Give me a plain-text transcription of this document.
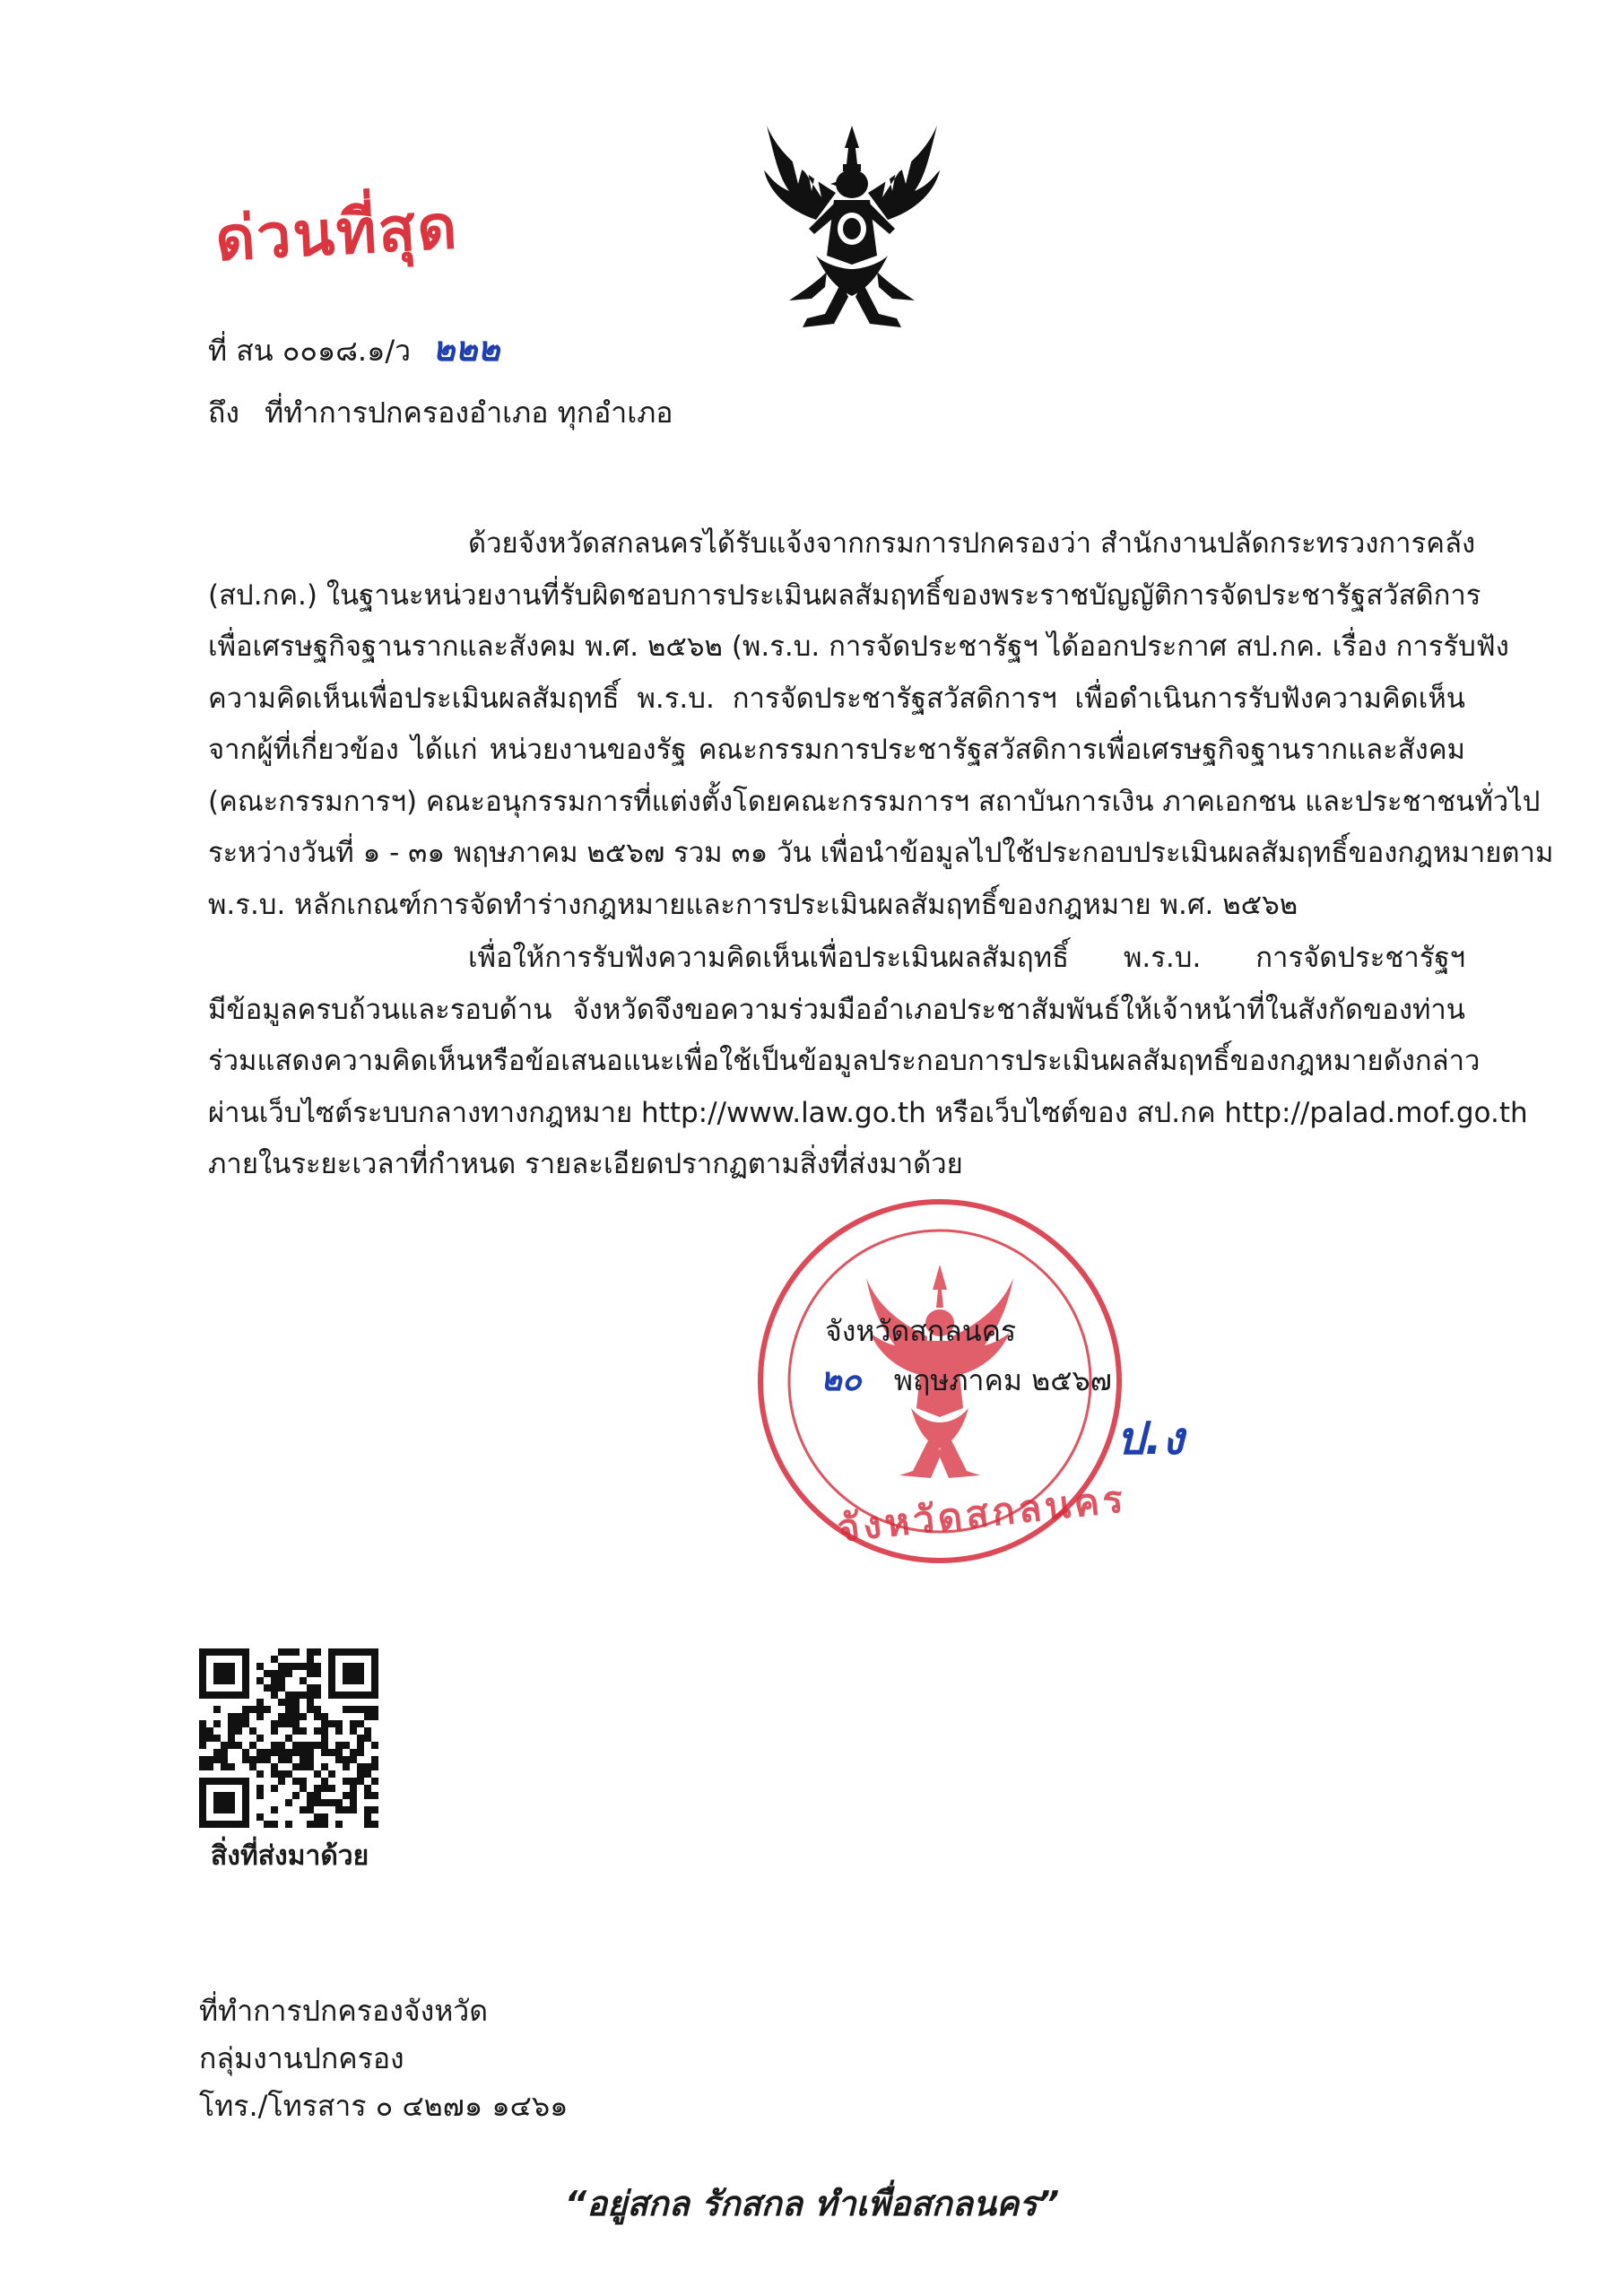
ด่วนที่สุด
ที่ สน ๐๐๑๘.๑/ว ๒๒๒
ถึง ที่ทำการปกครองอำเภอ ทุกอำเภอ
ด้วยจังหวัดสกลนครได้รับแจ้งจากกรมการปกครองว่า สำนักงานปลัดกระทรวงการคลัง
(สป.กค.) ในฐานะหน่วยงานที่รับผิดชอบการประเมินผลสัมฤทธิ์ของพระราชบัญญัติการจัดประชารัฐสวัสดิการ
เพื่อเศรษฐกิจฐานรากและสังคม พ.ศ. ๒๕๖๒ (พ.ร.บ. การจัดประชารัฐฯ ได้ออกประกาศ สป.กค. เรื่อง การรับฟัง
ความคิดเห็นเพื่อประเมินผลสัมฤทธิ์ พ.ร.บ. การจัดประชารัฐสวัสดิการฯ เพื่อดำเนินการรับฟังความคิดเห็น
จากผู้ที่เกี่ยวข้อง ได้แก่ หน่วยงานของรัฐ คณะกรรมการประชารัฐสวัสดิการเพื่อเศรษฐกิจฐานรากและสังคม
(คณะกรรมการฯ) คณะอนุกรรมการที่แต่งตั้งโดยคณะกรรมการฯ สถาบันการเงิน ภาคเอกชน และประชาชนทั่วไป
ระหว่างวันที่ ๑ - ๓๑ พฤษภาคม ๒๕๖๗ รวม ๓๑ วัน เพื่อนำข้อมูลไปใช้ประกอบประเมินผลสัมฤทธิ์ของกฎหมายตาม
พ.ร.บ. หลักเกณฑ์การจัดทำร่างกฎหมายและการประเมินผลสัมฤทธิ์ของกฎหมาย พ.ศ. ๒๕๖๒
เพื่อให้การรับฟังความคิดเห็นเพื่อประเมินผลสัมฤทธิ์ พ.ร.บ. การจัดประชารัฐฯ
มีข้อมูลครบถ้วนและรอบด้าน จังหวัดจึงขอความร่วมมืออำเภอประชาสัมพันธ์ให้เจ้าหน้าที่ในสังกัดของท่าน
ร่วมแสดงความคิดเห็นหรือข้อเสนอแนะเพื่อใช้เป็นข้อมูลประกอบการประเมินผลสัมฤทธิ์ของกฎหมายดังกล่าว
ผ่านเว็บไซต์ระบบกลางทางกฎหมาย http://www.law.go.th หรือเว็บไซต์ของ สป.กค http://palad.mof.go.th
ภายในระยะเวลาที่กำหนด รายละเอียดปรากฏตามสิ่งที่ส่งมาด้วย
จังหวัดสกลนคร
จังหวัดสกลนคร
๒๐ พฤษภาคม ๒๕๖๗
ป.ง
สิ่งที่ส่งมาด้วย
ที่ทำการปกครองจังหวัด
กลุ่มงานปกครอง
โทร./โทรสาร ๐ ๔๒๗๑ ๑๔๖๑
“อยู่สกล รักสกล ทำเพื่อสกลนคร”
